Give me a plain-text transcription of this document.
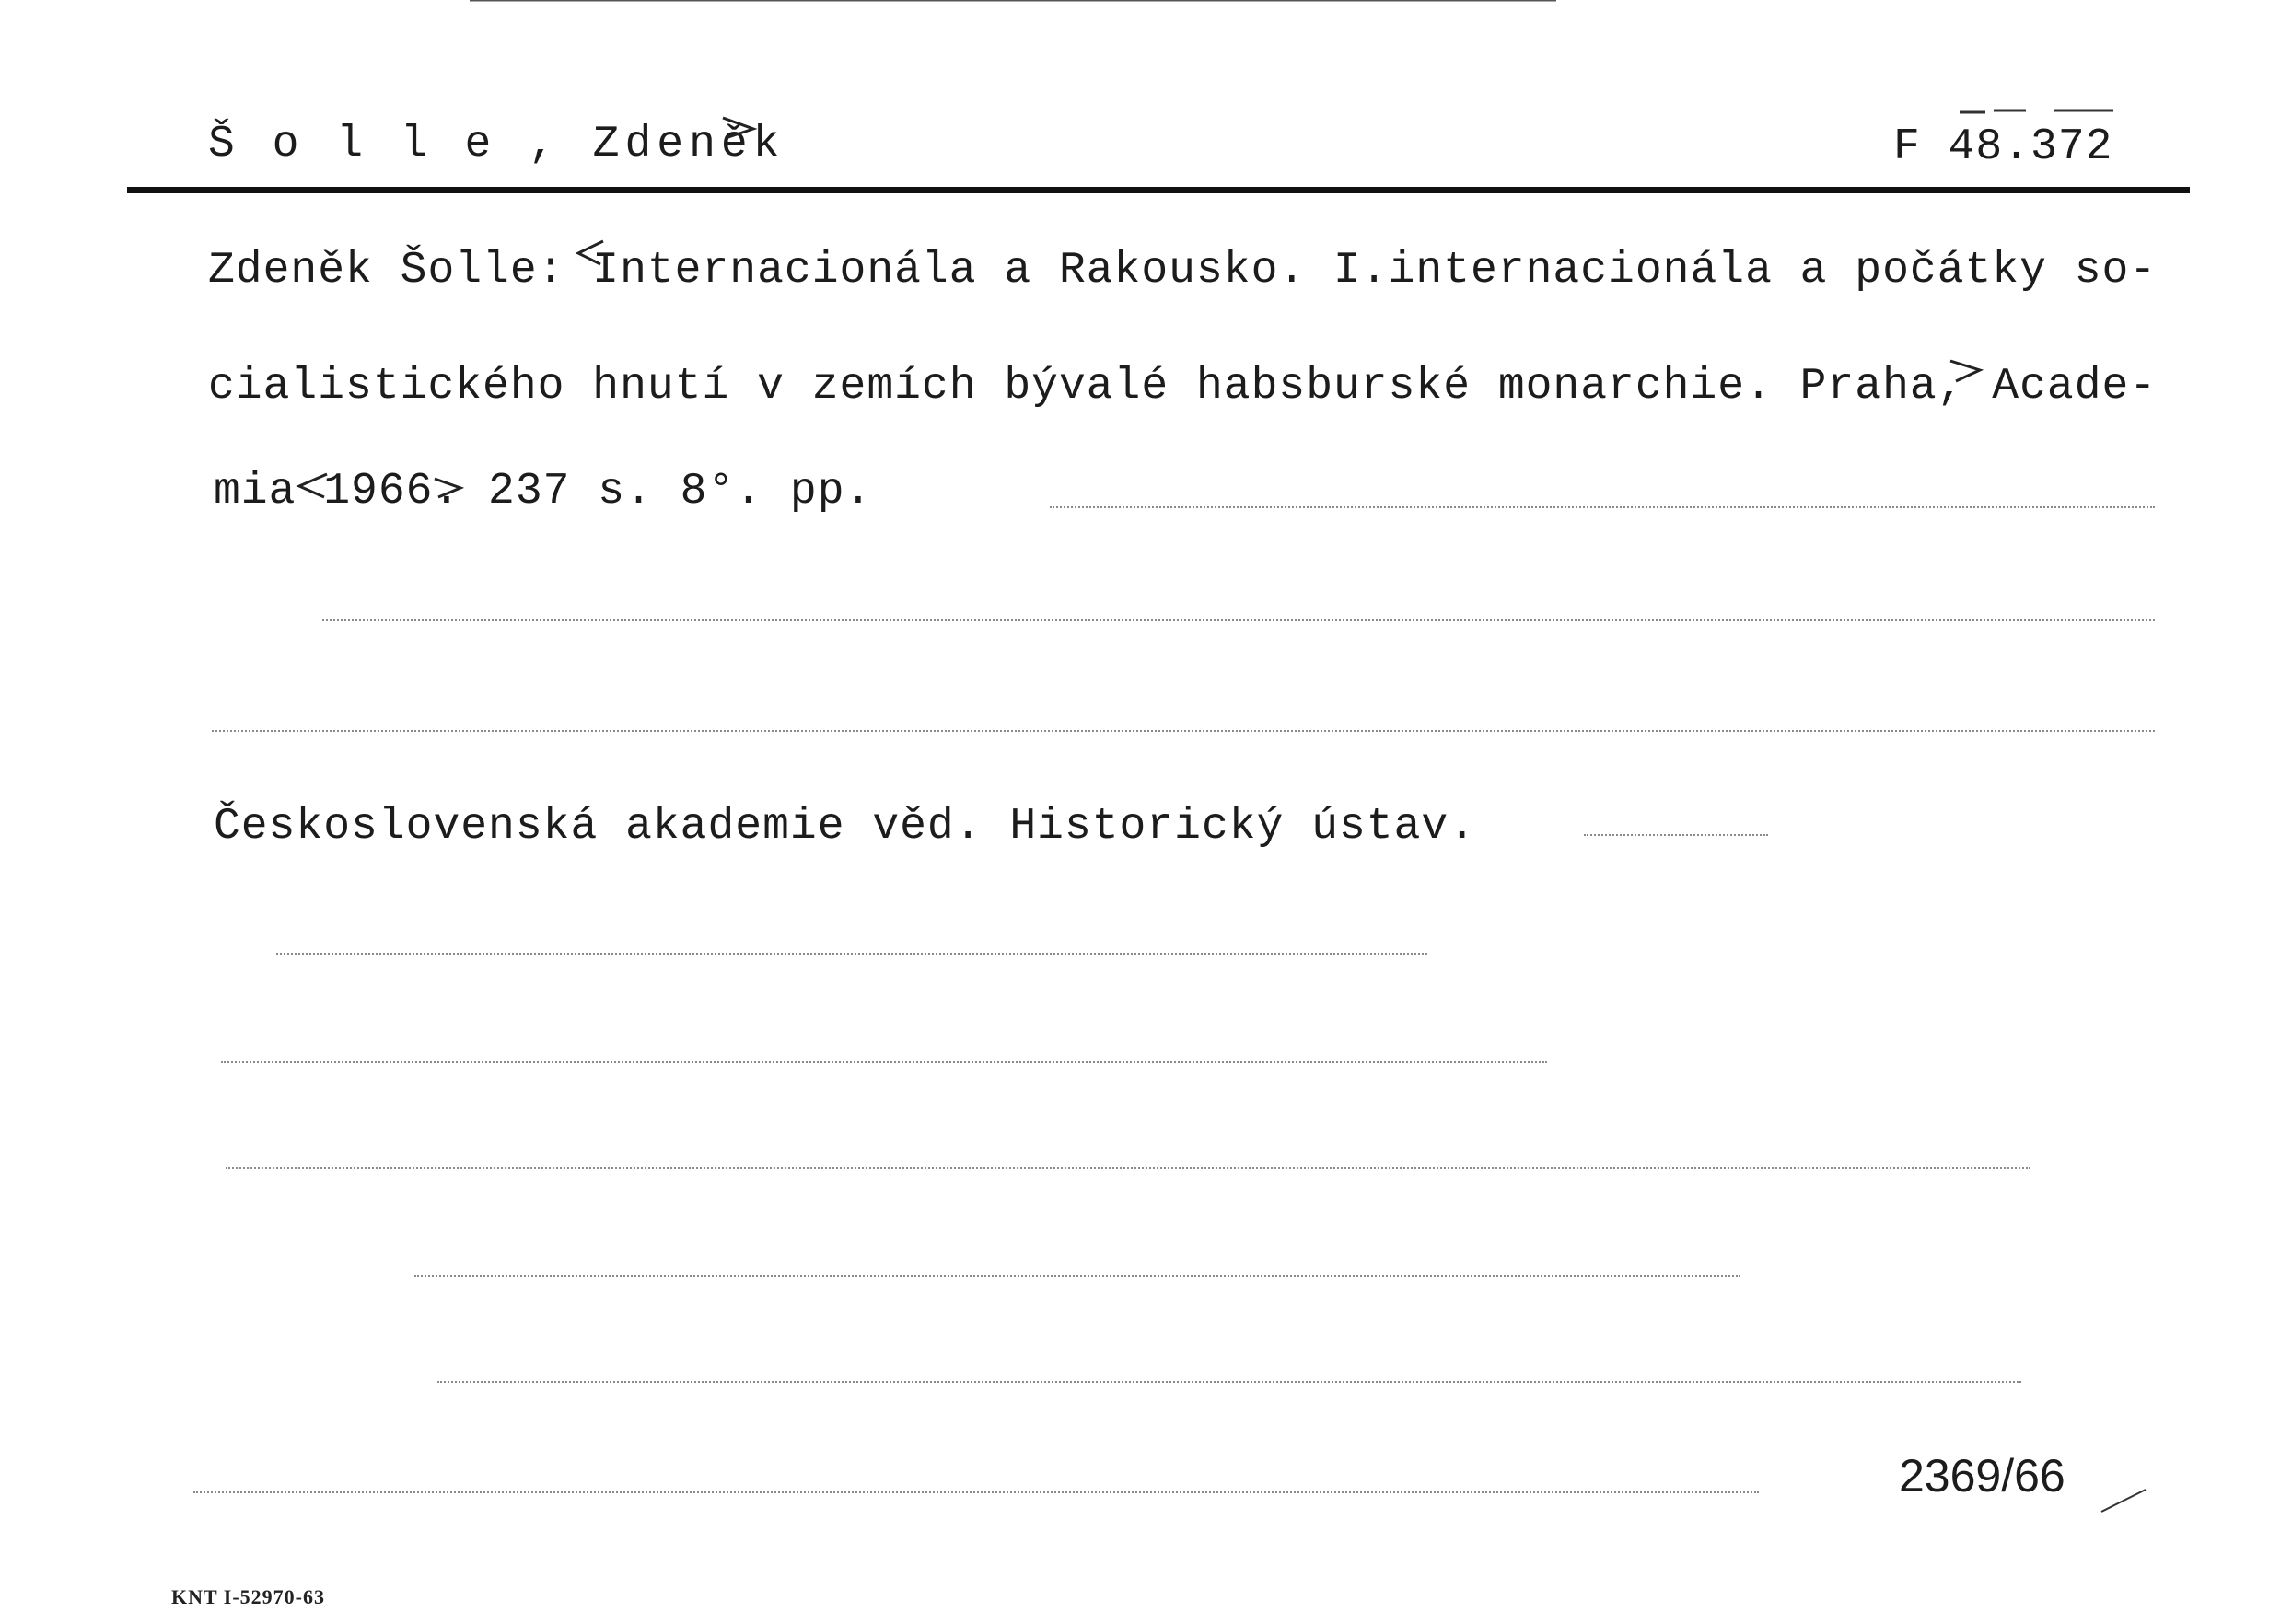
Š o l l e , Zdeněk	F 48.372
Zdeněk Šolle: Internacionála a Rakousko. I.internacionála a počátky so-
cialistického hnutí v zemích bývalé habsburské monarchie. Praha, Acade-
mia 1966. 237 s. 8°. pp.
Československá akademie věd. Historický ústav.
2369/66
KNT I-52970-63
